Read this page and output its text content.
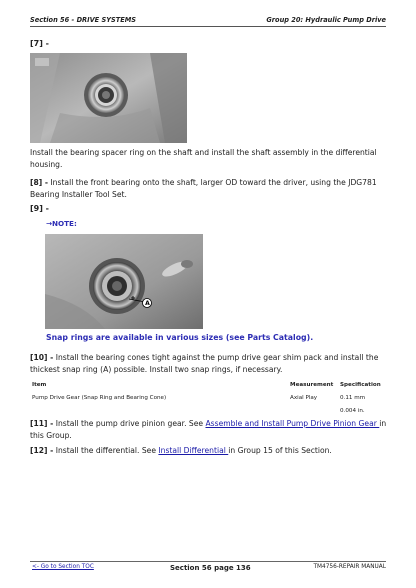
Section 56 - DRIVE SYSTEMS	Group 20: Hydraulic Pump Drive
[7] -
Install the bearing spacer ring on the shaft and install the shaft assembly in the differential housing.
[8] - Install the front bearing onto the shaft, larger OD toward the driver, using the JDG781 Bearing Installer Tool Set.
[9] -
→NOTE:
A
Snap rings are available in various sizes (see Parts Catalog).
[10] - Install the bearing cones tight against the pump drive gear shim pack and install the thickest snap ring (A) possible. Install two snap rings, if necessary.
Item	Measurement	Specification
Pump Drive Gear (Snap Ring and Bearing Cone)	Axial Play	0.11 mm
		0.004 in.
[11] - Install the pump drive pinion gear. See Assemble and Install Pump Drive Pinion Gear in this Group.
[12] - Install the differential. See Install Differential in Group 15 of this Section.
<- Go to Section TOC	Section 56 page 136	TM4756-REPAIR MANUAL
